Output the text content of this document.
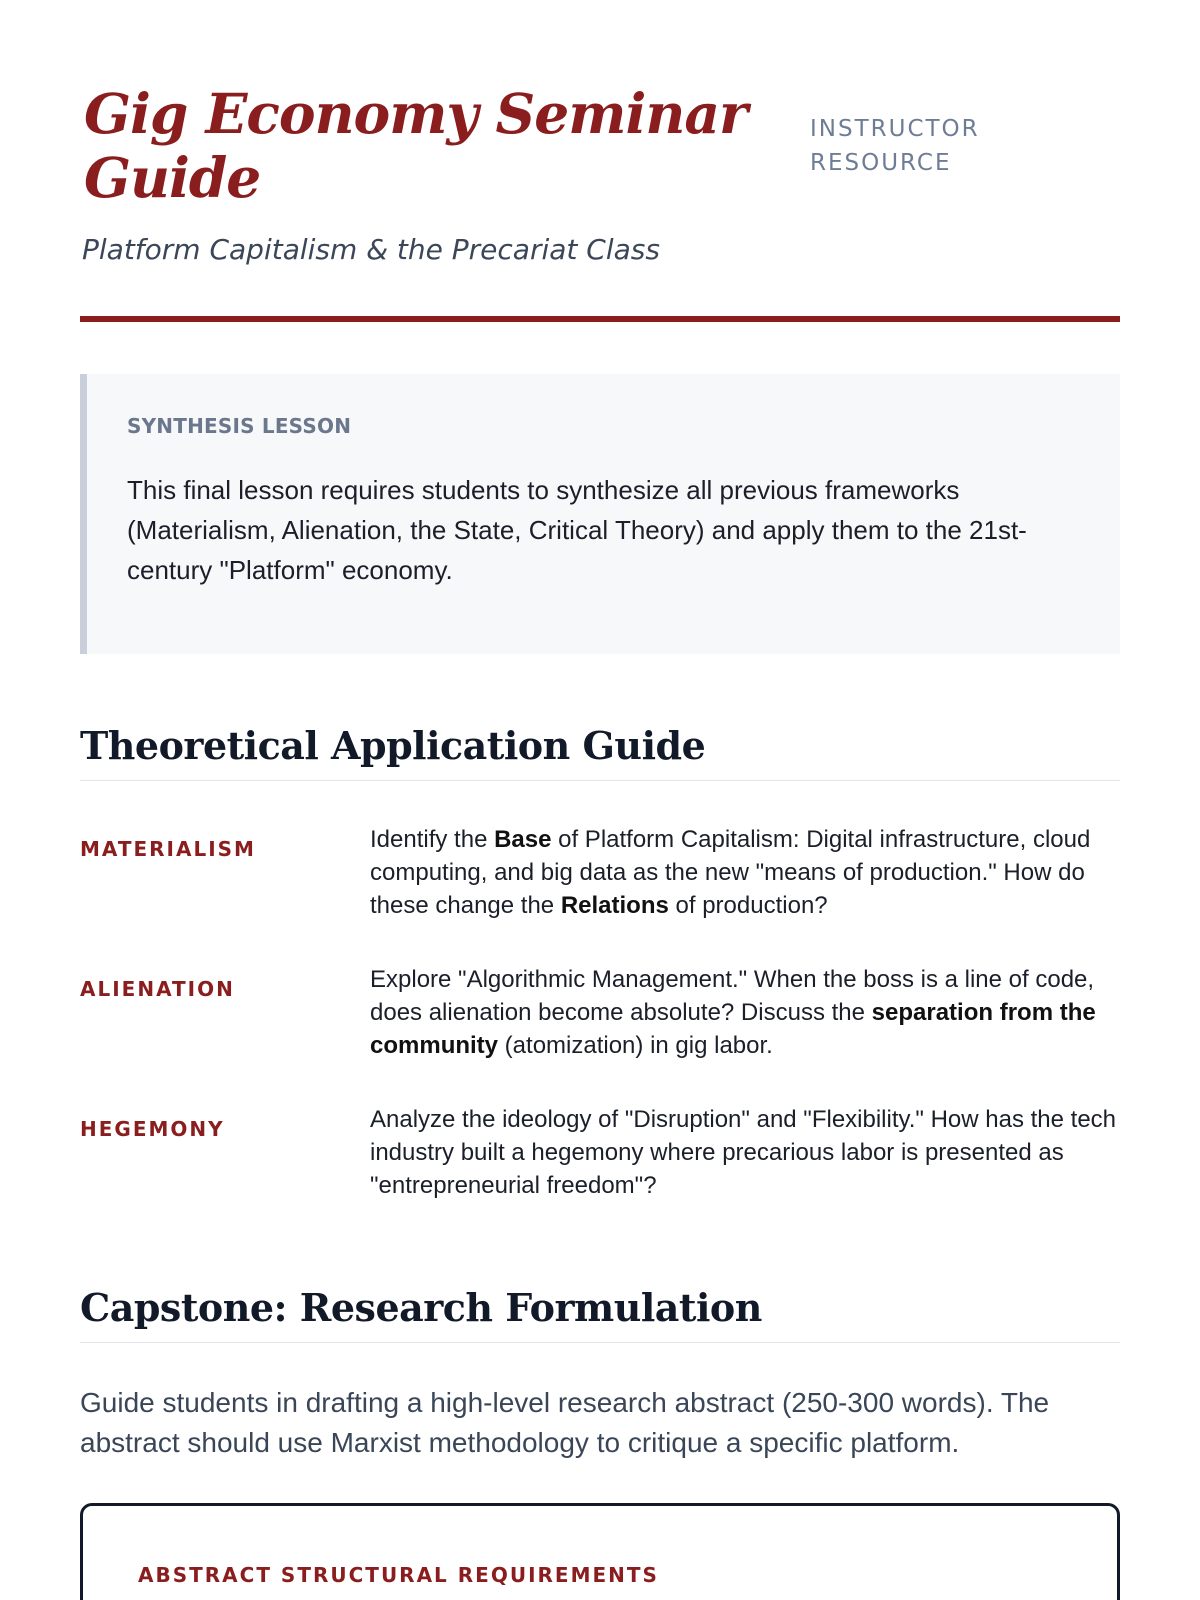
Gig Economy Seminar Guide
INSTRUCTOR RESOURCE

Platform Capitalism & the Precariat Class

SYNTHESIS LESSON

This final lesson requires students to synthesize all previous frameworks (Materialism, Alienation, the State, Critical Theory) and apply them to the 21st-century "Platform" economy.

Theoretical Application Guide
MATERIALISM	Identify the Base of Platform Capitalism: Digital infrastructure, cloud computing, and big data as the new "means of production." How do these change the Relations of production?

ALIENATION	Explore "Algorithmic Management." When the boss is a line of code, does alienation become absolute? Discuss the separation from the community (atomization) in gig labor.

HEGEMONY	Analyze the ideology of "Disruption" and "Flexibility." How has the tech industry built a hegemony where precarious labor is presented as "entrepreneurial freedom"?

Capstone: Research Formulation

Guide students in drafting a high-level research abstract (250-300 words). The abstract should use Marxist methodology to critique a specific platform.

ABSTRACT STRUCTURAL REQUIREMENTS
